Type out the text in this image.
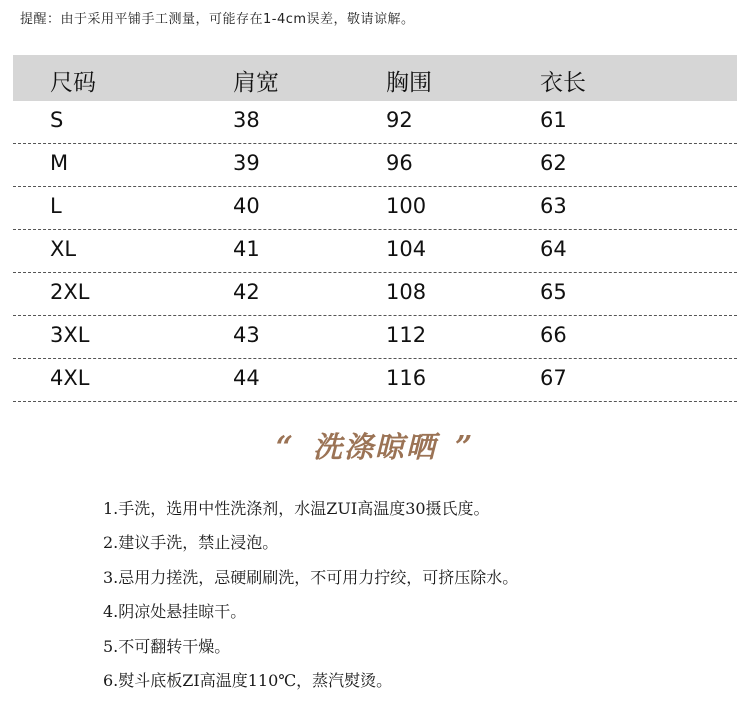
提醒：由于采用平铺手工测量，可能存在1-4cm误差，敬请谅解。
尺码	肩宽	胸围	衣长
S	38	92	61
M	39	96	62
L	40	100	63
XL	41	104	64
2XL	42	108	65
3XL	43	112	66
4XL	44	116	67
“ 洗涤晾晒 ”
1.手洗，选用中性洗涤剂，水温ZUI高温度30摄氏度。
2.建议手洗，禁止浸泡。
3.忌用力搓洗，忌硬刷刷洗，不可用力拧绞，可挤压除水。
4.阴凉处悬挂晾干。
5.不可翻转干燥。
6.熨斗底板ZI高温度110℃，蒸汽熨烫。
